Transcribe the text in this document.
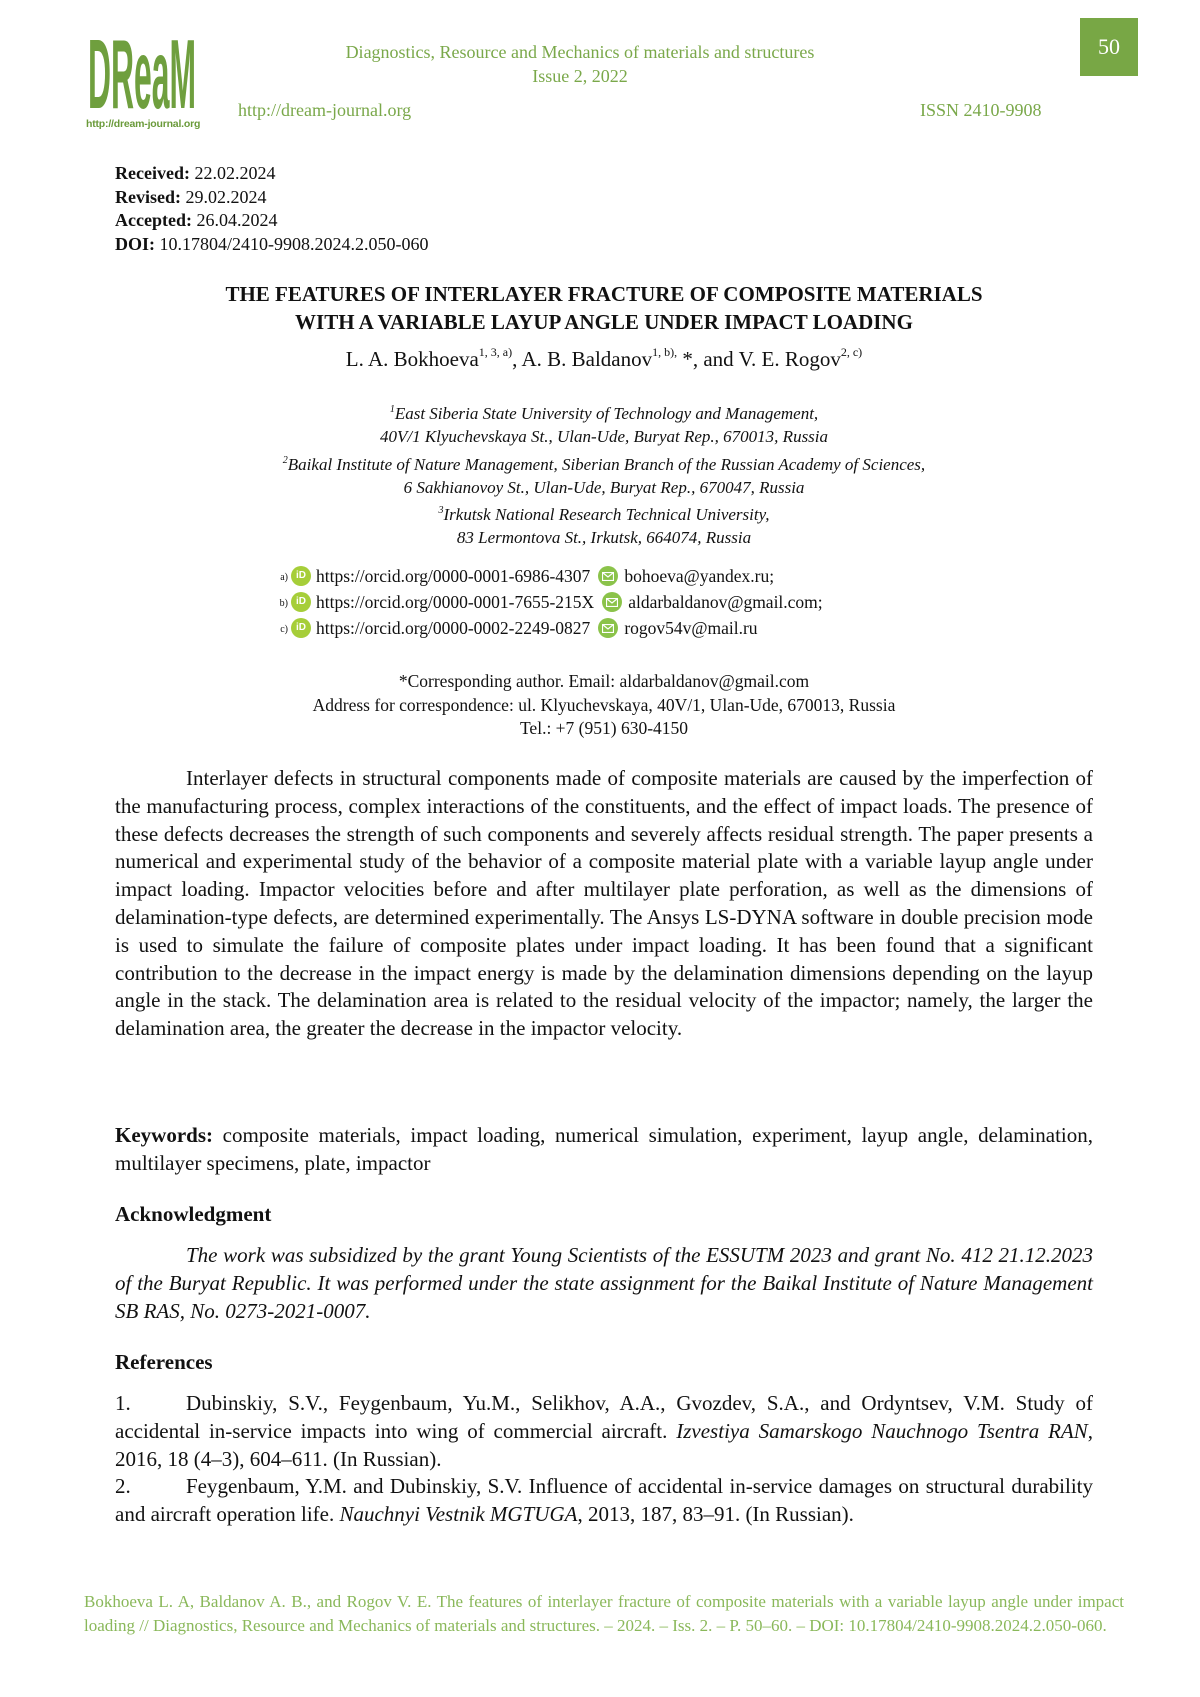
DReaM
http://dream-journal.org
Diagnostics, Resource and Mechanics of materials and structures
Issue 2, 2022
50
http://dream-journal.org	ISSN 2410-9908
Received: 22.02.2024
Revised: 29.02.2024
Accepted: 26.04.2024
DOI: 10.17804/2410-9908.2024.2.050-060
THE FEATURES OF INTERLAYER FRACTURE OF COMPOSITE MATERIALS
WITH A VARIABLE LAYUP ANGLE UNDER IMPACT LOADING
L. A. Bokhoeva$^{1, 3, a)}$, A. B. Baldanov$^{1, b),}$ *, and V. E. Rogov$^{2, c)}$
$^1$East Siberia State University of Technology and Management,
40V/1 Klyuchevskaya St., Ulan-Ude, Buryat Rep., 670013, Russia
$^2$Baikal Institute of Nature Management, Siberian Branch of the Russian Academy of Sciences,
6 Sakhianovoy St., Ulan-Ude, Buryat Rep., 670047, Russia
$^3$Irkutsk National Research Technical University,
83 Lermontova St., Irkutsk, 664074, Russia
a) iD https://orcid.org/0000-0001-6986-4307 bohoeva@yandex.ru;
b) iD https://orcid.org/0000-0001-7655-215X aldarbaldanov@gmail.com;
c) iD https://orcid.org/0000-0002-2249-0827 rogov54v@mail.ru
*Corresponding author. Email: aldarbaldanov@gmail.com
Address for correspondence: ul. Klyuchevskaya, 40V/1, Ulan-Ude, 670013, Russia
Tel.: +7 (951) 630-4150
Interlayer defects in structural components made of composite materials are caused by the imperfection of the manufacturing process, complex interactions of the constituents, and the effect of impact loads. The presence of these defects decreases the strength of such components and severely affects residual strength. The paper presents a numerical and experimental study of the behavior of a composite material plate with a variable layup angle under impact loading. Impactor velocities before and after multilayer plate perforation, as well as the dimensions of delamination-type defects, are determined experimentally. The Ansys LS-DYNA software in double precision mode is used to simulate the failure of composite plates under impact loading. It has been found that a significant contribution to the decrease in the impact energy is made by the delamination dimensions depending on the layup angle in the stack. The delamination area is related to the residual velocity of the impactor; namely, the larger the delamination area, the greater the decrease in the impactor velocity.
Keywords: composite materials, impact loading, numerical simulation, experiment, layup angle, delamination, multilayer specimens, plate, impactor
Acknowledgment
The work was subsidized by the grant Young Scientists of the ESSUTM 2023 and grant No. 412 21.12.2023 of the Buryat Republic. It was performed under the state assignment for the Baikal Institute of Nature Management SB RAS, No. 0273-2021-0007.
References
1.	Dubinskiy, S.V., Feygenbaum, Yu.M., Selikhov, A.A., Gvozdev, S.A., and Ordyntsev, V.M. Study of accidental in-service impacts into wing of commercial aircraft. Izvestiya Samarskogo Nauchnogo Tsentra RAN, 2016, 18 (4–3), 604–611. (In Russian).
2.	Feygenbaum, Y.M. and Dubinskiy, S.V. Influence of accidental in-service damages on structural durability and aircraft operation life. Nauchnyi Vestnik MGTUGA, 2013, 187, 83–91. (In Russian).
Bokhoeva L. A, Baldanov A. B., and Rogov V. E. The features of interlayer fracture of composite materials with a variable layup angle under impact loading // Diagnostics, Resource and Mechanics of materials and structures. – 2024. – Iss. 2. – P. 50–60. – DOI: 10.17804/2410-9908.2024.2.050-060.
